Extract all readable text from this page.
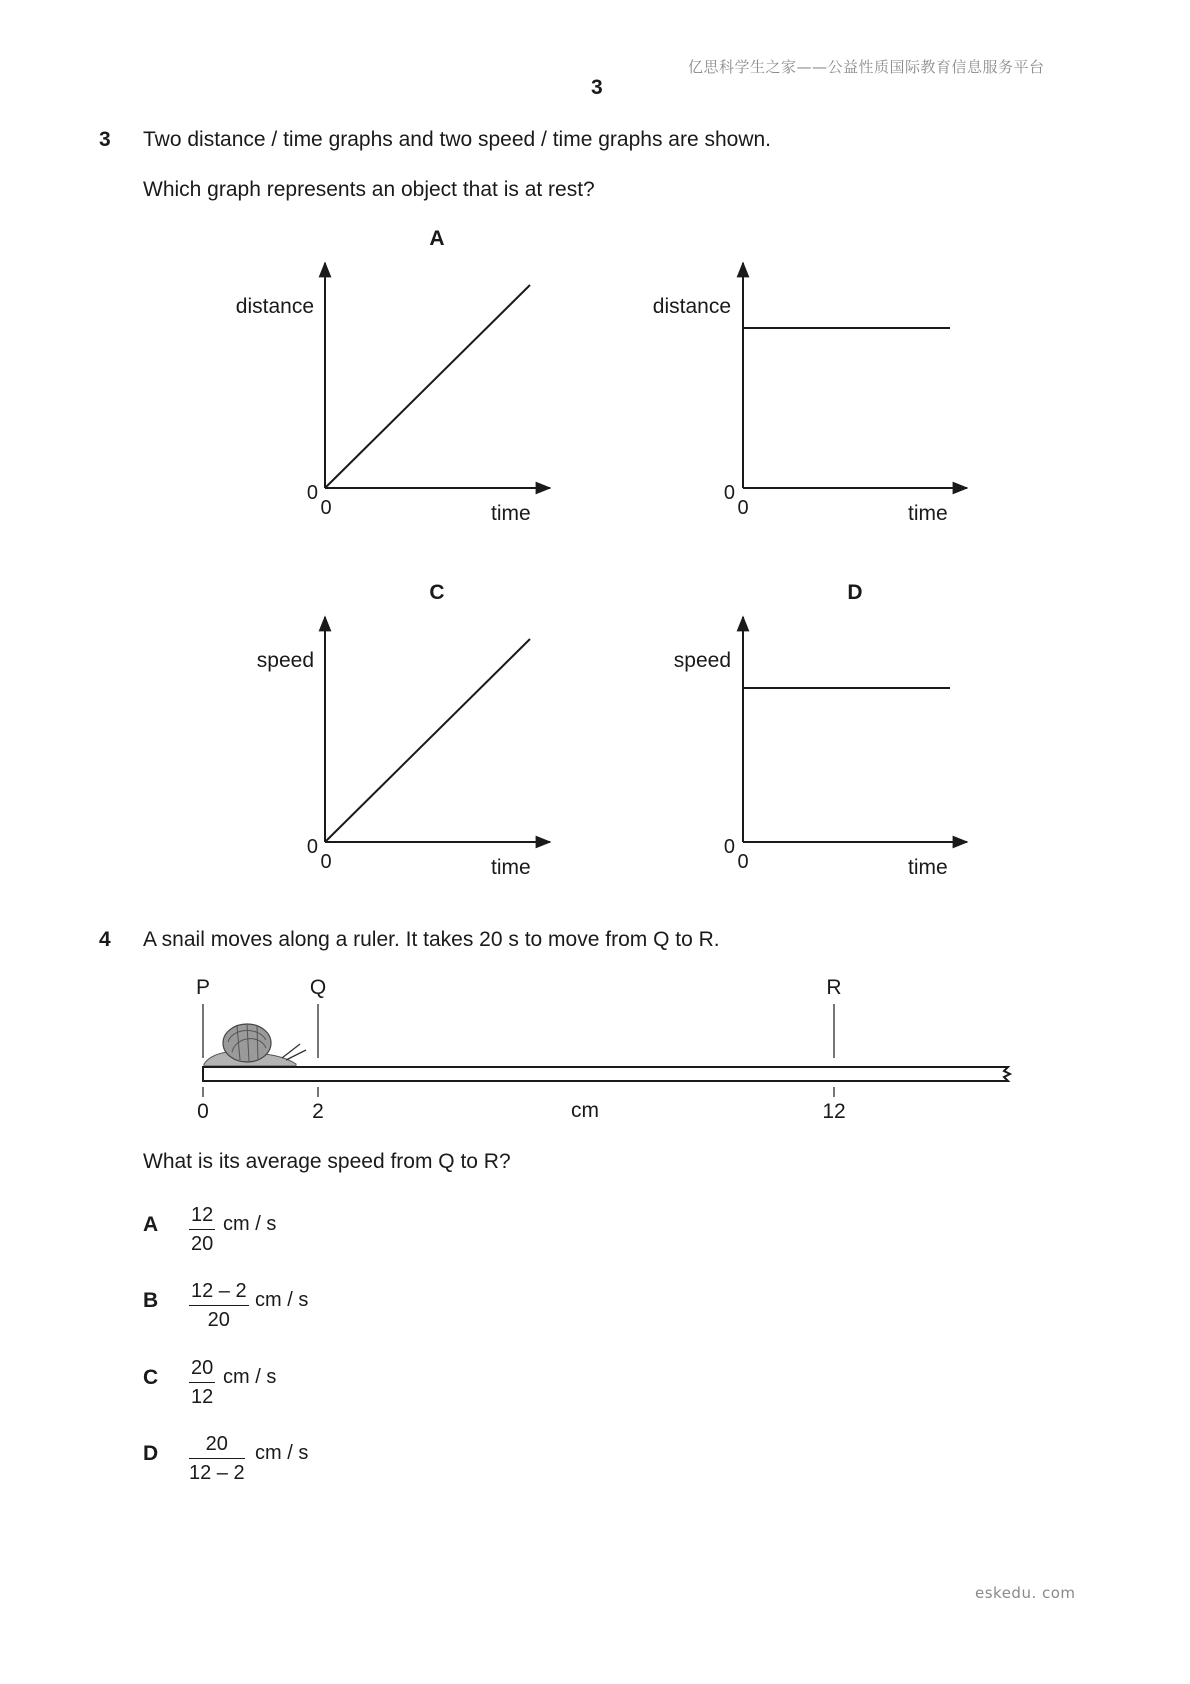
亿思科学生之家——公益性质国际教育信息服务平台
3
3 Two distance / time graphs and two speed / time graphs are shown.
Which graph represents an object that is at rest?
A
distance
time
0
0
distance
time
0
0
C
speed
time
0
0
D
speed
time
0
0
4 A snail moves along a ruler. It takes 20 s to move from Q to R.
P	Q	R
0	2	cm	12
What is its average speed from Q to R?
A $\frac{12}{20}$ cm / s
B $\frac{12 - 2}{20}$ cm / s
C $\frac{20}{12}$ cm / s
D $\frac{20}{12 - 2}$ cm / s
eskedu. com
